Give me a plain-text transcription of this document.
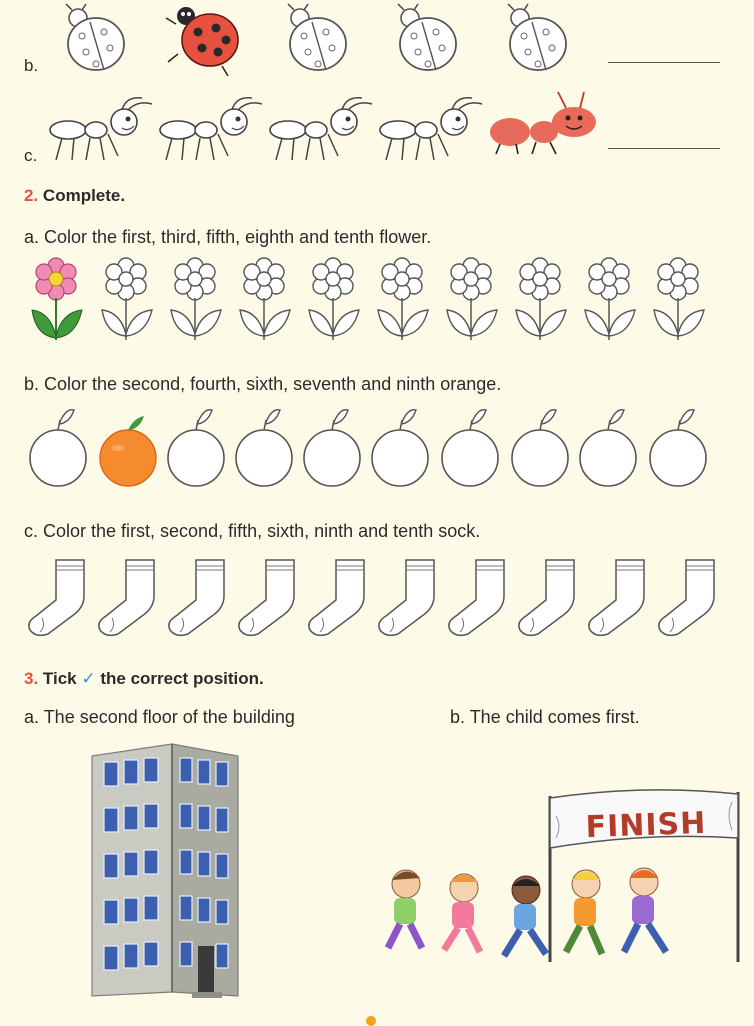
b.
c.
2. Complete.
a. Color the first, third, fifth, eighth and tenth flower.
b. Color the second, fourth, sixth, seventh and ninth orange.
c. Color the first, second, fifth, sixth, ninth and tenth sock.
3. Tick ✓ the correct position.
a. The second floor of the building	b. The child comes first.
FINISH
